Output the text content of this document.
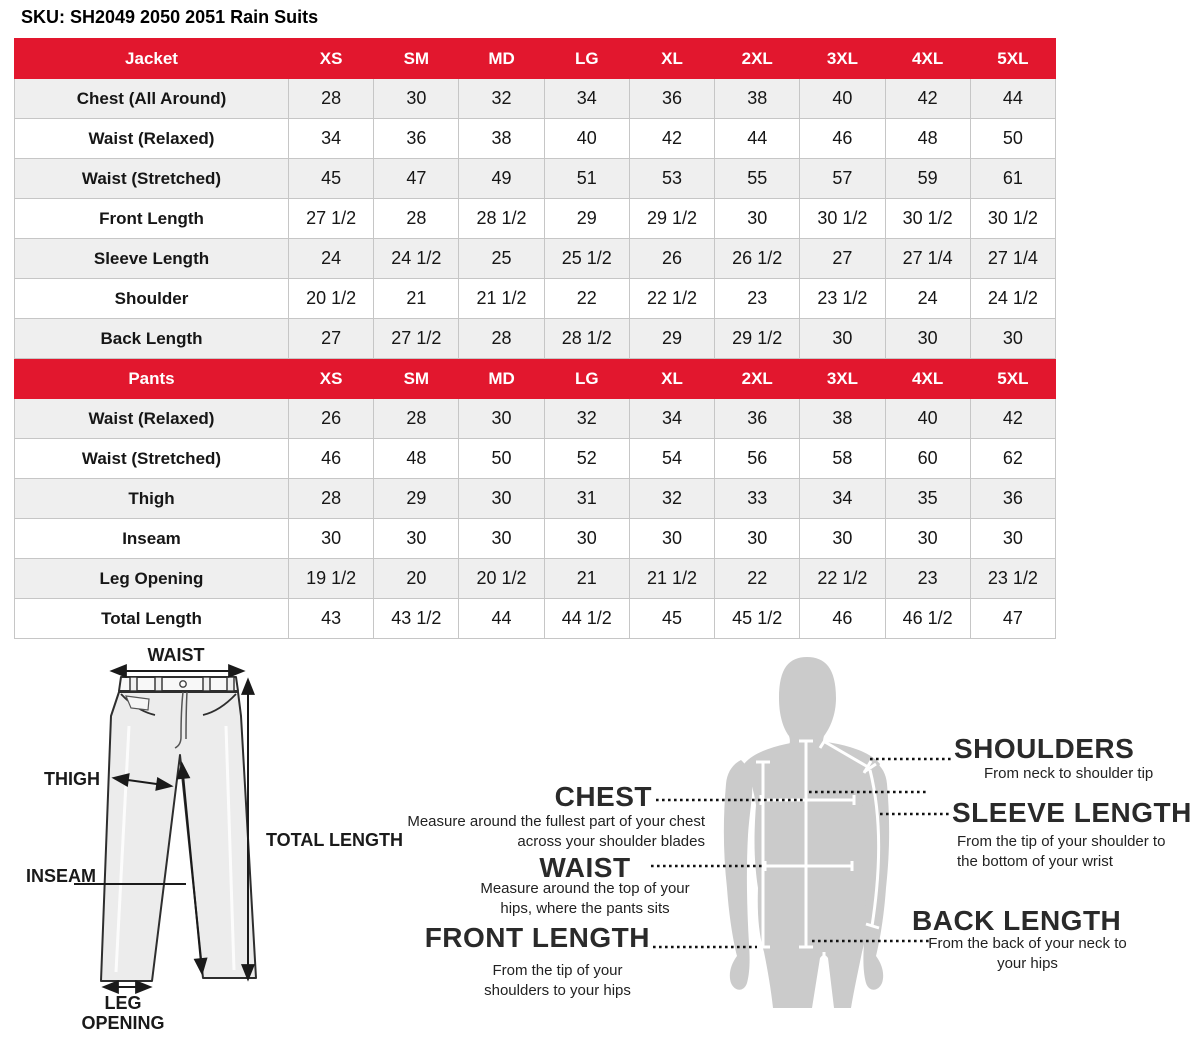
SKU: SH2049 2050 2051 Rain Suits
Jacket	XS	SM	MD	LG	XL	2XL	3XL	4XL	5XL
Chest (All Around)	28	30	32	34	36	38	40	42	44
Waist (Relaxed)	34	36	38	40	42	44	46	48	50
Waist (Stretched)	45	47	49	51	53	55	57	59	61
Front Length	27 1/2	28	28 1/2	29	29 1/2	30	30 1/2	30 1/2	30 1/2
Sleeve Length	24	24 1/2	25	25 1/2	26	26 1/2	27	27 1/4	27 1/4
Shoulder	20 1/2	21	21 1/2	22	22 1/2	23	23 1/2	24	24 1/2
Back Length	27	27 1/2	28	28 1/2	29	29 1/2	30	30	30
Pants	XS	SM	MD	LG	XL	2XL	3XL	4XL	5XL
Waist (Relaxed)	26	28	30	32	34	36	38	40	42
Waist (Stretched)	46	48	50	52	54	56	58	60	62
Thigh	28	29	30	31	32	33	34	35	36
Inseam	30	30	30	30	30	30	30	30	30
Leg Opening	19 1/2	20	20 1/2	21	21 1/2	22	22 1/2	23	23 1/2
Total Length	43	43 1/2	44	44 1/2	45	45 1/2	46	46 1/2	47
WAIST
THIGH
INSEAM
TOTAL LENGTH
LEG OPENING
CHEST
Measure around the fullest part of your chest across your shoulder blades
WAIST
Measure around the top of your hips, where the pants sits
FRONT LENGTH
From the tip of your shoulders to your hips
SHOULDERS
From neck to shoulder tip
SLEEVE LENGTH
From the tip of your shoulder to the bottom of your wrist
BACK LENGTH
From the back of your neck to your hips
